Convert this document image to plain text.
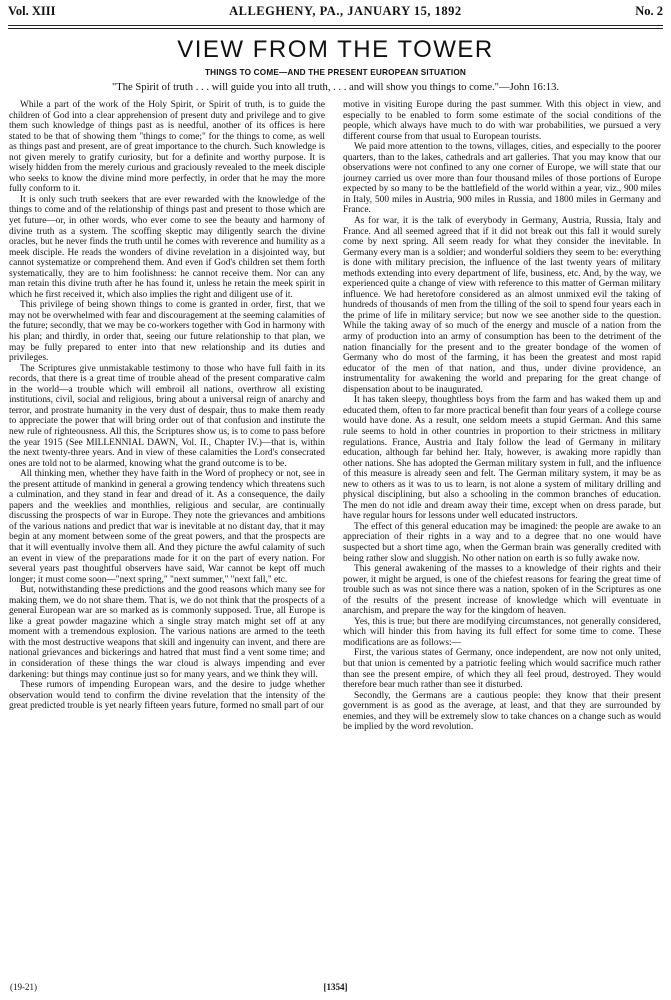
Vol. XIII	ALLEGHENY, PA., JANUARY 15, 1892	No. 2
VIEW FROM THE TOWER
THINGS TO COME—AND THE PRESENT EUROPEAN SITUATION
"The Spirit of truth . . . will guide you into all truth, . . . and will show you things to come."—John 16:13.

While a part of the work of the Holy Spirit, or Spirit of truth, is to guide the children of God into a clear apprehension of present duty and privilege and to give them such knowledge of things past as is needful, another of its offices is here stated to be that of showing them "things to come;" for the things to come, as well as things past and present, are of great importance to the church. Such knowledge is not given merely to gratify curiosity, but for a definite and worthy purpose. It is wisely hidden from the merely curious and graciously revealed to the meek disciple who seeks to know the divine mind more perfectly, in order that he may the more fully conform to it.

It is only such truth seekers that are ever rewarded with the knowledge of the things to come and of the relationship of things past and present to those which are yet future—or, in other words, who ever come to see the beauty and harmony of divine truth as a system. The scoffing skeptic may diligently search the divine oracles, but he never finds the truth until he comes with reverence and humility as a meek disciple. He reads the wonders of divine revelation in a disjointed way, but cannot systematize or comprehend them. And even if God's children set them forth systematically, they are to him foolishness: he cannot receive them. Nor can any man retain this divine truth after he has found it, unless he retain the meek spirit in which he first received it, which also implies the right and diligent use of it.

This privilege of being shown things to come is granted in order, first, that we may not be overwhelmed with fear and discouragement at the seeming calamities of the future; secondly, that we may be co-workers together with God in harmony with his plan; and thirdly, in order that, seeing our future relationship to that plan, we may be fully prepared to enter into that new relationship and its duties and privileges.

The Scriptures give unmistakable testimony to those who have full faith in its records, that there is a great time of trouble ahead of the present comparative calm in the world—a trouble which will embroil all nations, overthrow all existing institutions, civil, social and religious, bring about a universal reign of anarchy and terror, and prostrate humanity in the very dust of despair, thus to make them ready to appreciate the power that will bring order out of that confusion and institute the new rule of righteousness. All this, the Scriptures show us, is to come to pass before the year 1915 (See MILLENNIAL DAWN, Vol. II., Chapter IV.)—that is, within the next twenty-three years. And in view of these calamities the Lord's consecrated ones are told not to be alarmed, knowing what the grand outcome is to be.

All thinking men, whether they have faith in the Word of prophecy or not, see in the present attitude of mankind in general a growing tendency which threatens such a culmination, and they stand in fear and dread of it. As a consequence, the daily papers and the weeklies and monthlies, religious and secular, are continually discussing the prospects of war in Europe. They note the grievances and ambitions of the various nations and predict that war is inevitable at no distant day, that it may begin at any moment between some of the great powers, and that the prospects are that it will eventually involve them all. And they picture the awful calamity of such an event in view of the preparations made for it on the part of every nation. For several years past thoughtful observers have said, War cannot be kept off much longer; it must come soon—"next spring," "next summer," "next fall," etc.

But, notwithstanding these predictions and the good reasons which many see for making them, we do not share them. That is, we do not think that the prospects of a general European war are so marked as is commonly supposed. True, all Europe is like a great powder magazine which a single stray match might set off at any moment with a tremendous explosion. The various nations are armed to the teeth with the most destructive weapons that skill and ingenuity can invent, and there are national grievances and bickerings and hatred that must find a vent some time; and in consideration of these things the war cloud is always impending and ever darkening: but things may continue just so for many years, and we think they will.

These rumors of impending European wars, and the desire to judge whether observation would tend to confirm the divine revelation that the intensity of the great predicted trouble is yet nearly fifteen years future, formed no small part of our

motive in visiting Europe during the past summer. With this object in view, and especially to be enabled to form some estimate of the social conditions of the people, which always have much to do with war probabilities, we pursued a very different course from that usual to European tourists.

We paid more attention to the towns, villages, cities, and especially to the poorer quarters, than to the lakes, cathedrals and art galleries. That you may know that our observations were not confined to any one corner of Europe, we will state that our journey carried us over more than four thousand miles of those portions of Europe expected by so many to be the battlefield of the world within a year, viz., 900 miles in Italy, 500 miles in Austria, 900 miles in Russia, and 1800 miles in Germany and France.

As for war, it is the talk of everybody in Germany, Austria, Russia, Italy and France. And all seemed agreed that if it did not break out this fall it would surely come by next spring. All seem ready for what they consider the inevitable. In Germany every man is a soldier; and wonderful soldiers they seem to be: everything is done with military precision, the influence of the last twenty years of military methods extending into every department of life, business, etc. And, by the way, we experienced quite a change of view with reference to this matter of German military influence. We had heretofore considered as an almost unmixed evil the taking of hundreds of thousands of men from the tilling of the soil to spend four years each in the prime of life in military service; but now we see another side to the question. While the taking away of so much of the energy and muscle of a nation from the army of production into an army of consumption has been to the detriment of the nation financially for the present and to the greater bondage of the women of Germany who do most of the farming, it has been the greatest and most rapid educator of the men of that nation, and thus, under divine providence, an instrumentality for awakening the world and preparing for the great change of dispensation about to be inaugurated.

It has taken sleepy, thoughtless boys from the farm and has waked them up and educated them, often to far more practical benefit than four years of a college course would have done. As a result, one seldom meets a stupid German. And this same rule seems to hold in other countries in proportion to their strictness in military regulations. France, Austria and Italy follow the lead of Germany in military education, although far behind her. Italy, however, is awaking more rapidly than other nations. She has adopted the German military system in full, and the influence of this measure is already seen and felt. The German military system, it may be as new to others as it was to us to learn, is not alone a system of military drilling and physical disciplining, but also a schooling in the common branches of education. The men do not idle and dream away their time, except when on dress parade, but have regular hours for lessons under well educated instructors.

The effect of this general education may be imagined: the people are awake to an appreciation of their rights in a way and to a degree that no one would have suspected but a short time ago, when the German brain was generally credited with being rather slow and sluggish. No other nation on earth is so fully awake now.

This general awakening of the masses to a knowledge of their rights and their power, it might be argued, is one of the chiefest reasons for fearing the great time of trouble such as was not since there was a nation, spoken of in the Scriptures as one of the results of the present increase of knowledge which will eventuate in anarchism, and prepare the way for the kingdom of heaven.

Yes, this is true; but there are modifying circumstances, not generally considered, which will hinder this from having its full effect for some time to come. These modifications are as follows:—

First, the various states of Germany, once independent, are now not only united, but that union is cemented by a patriotic feeling which would sacrifice much rather than see the present empire, of which they all feel proud, destroyed. They would therefore bear much rather than see it disturbed.

Secondly, the Germans are a cautious people: they know that their present government is as good as the average, at least, and that they are surrounded by enemies, and they will be extremely slow to take chances on a change such as would be implied by the word revolution.

(19-21)	[1354]
